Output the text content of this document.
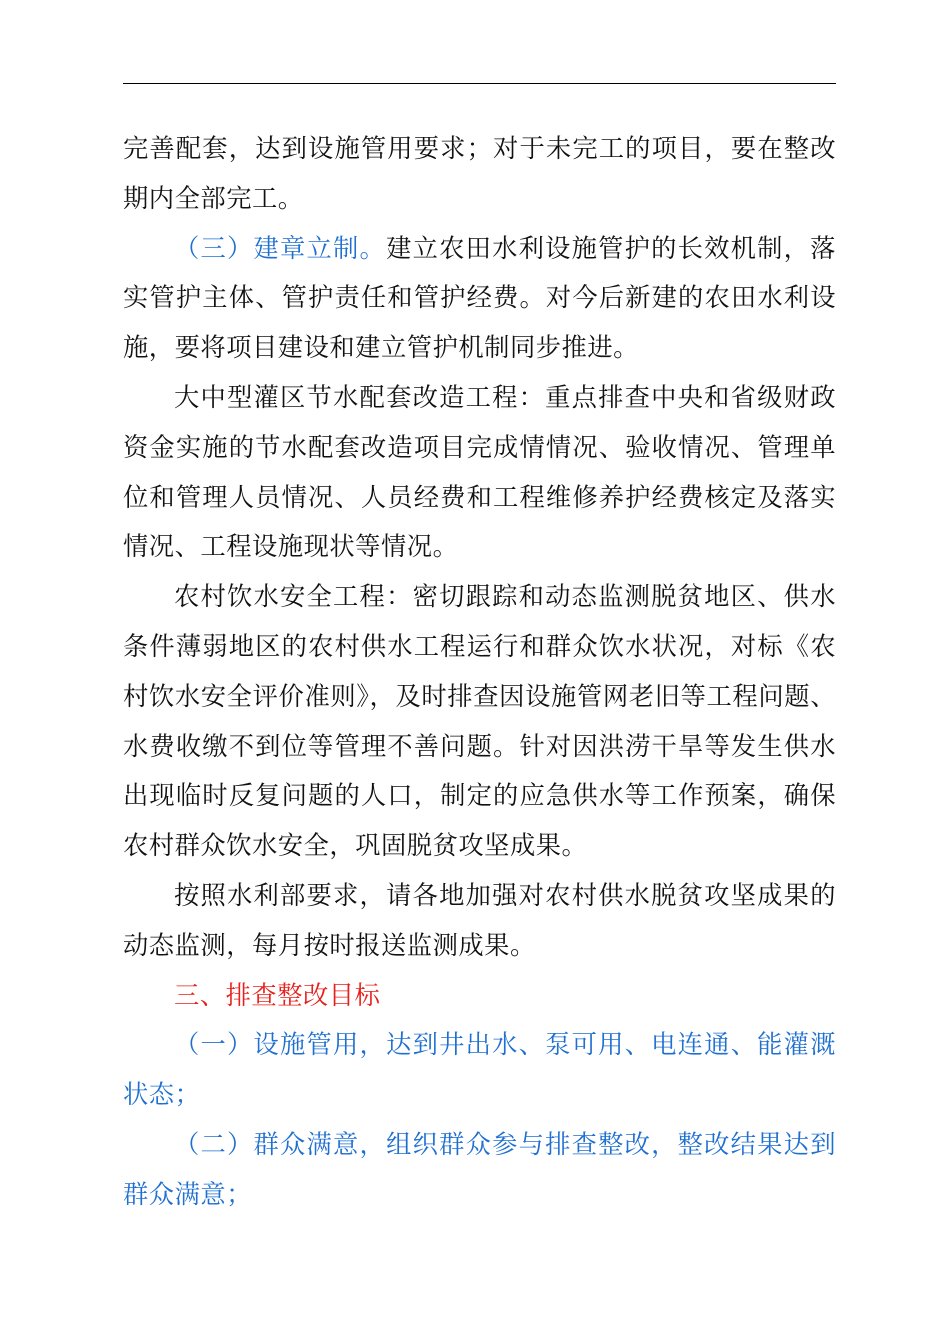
完善配套，达到设施管用要求；对于未完工的项目，要在整改期内全部完工。

（三）建章立制。建立农田水利设施管护的长效机制，落实管护主体、管护责任和管护经费。对今后新建的农田水利设施，要将项目建设和建立管护机制同步推进。

大中型灌区节水配套改造工程：重点排查中央和省级财政资金实施的节水配套改造项目完成情情况、验收情况、管理单位和管理人员情况、人员经费和工程维修养护经费核定及落实情况、工程设施现状等情况。

农村饮水安全工程：密切跟踪和动态监测脱贫地区、供水条件薄弱地区的农村供水工程运行和群众饮水状况，对标《农村饮水安全评价准则》，及时排查因设施管网老旧等工程问题、水费收缴不到位等管理不善问题。针对因洪涝干旱等发生供水出现临时反复问题的人口，制定的应急供水等工作预案，确保农村群众饮水安全，巩固脱贫攻坚成果。

按照水利部要求，请各地加强对农村供水脱贫攻坚成果的动态监测，每月按时报送监测成果。

三、排查整改目标

（一）设施管用，达到井出水、泵可用、电连通、能灌溉状态；

（二）群众满意，组织群众参与排查整改，整改结果达到群众满意；
